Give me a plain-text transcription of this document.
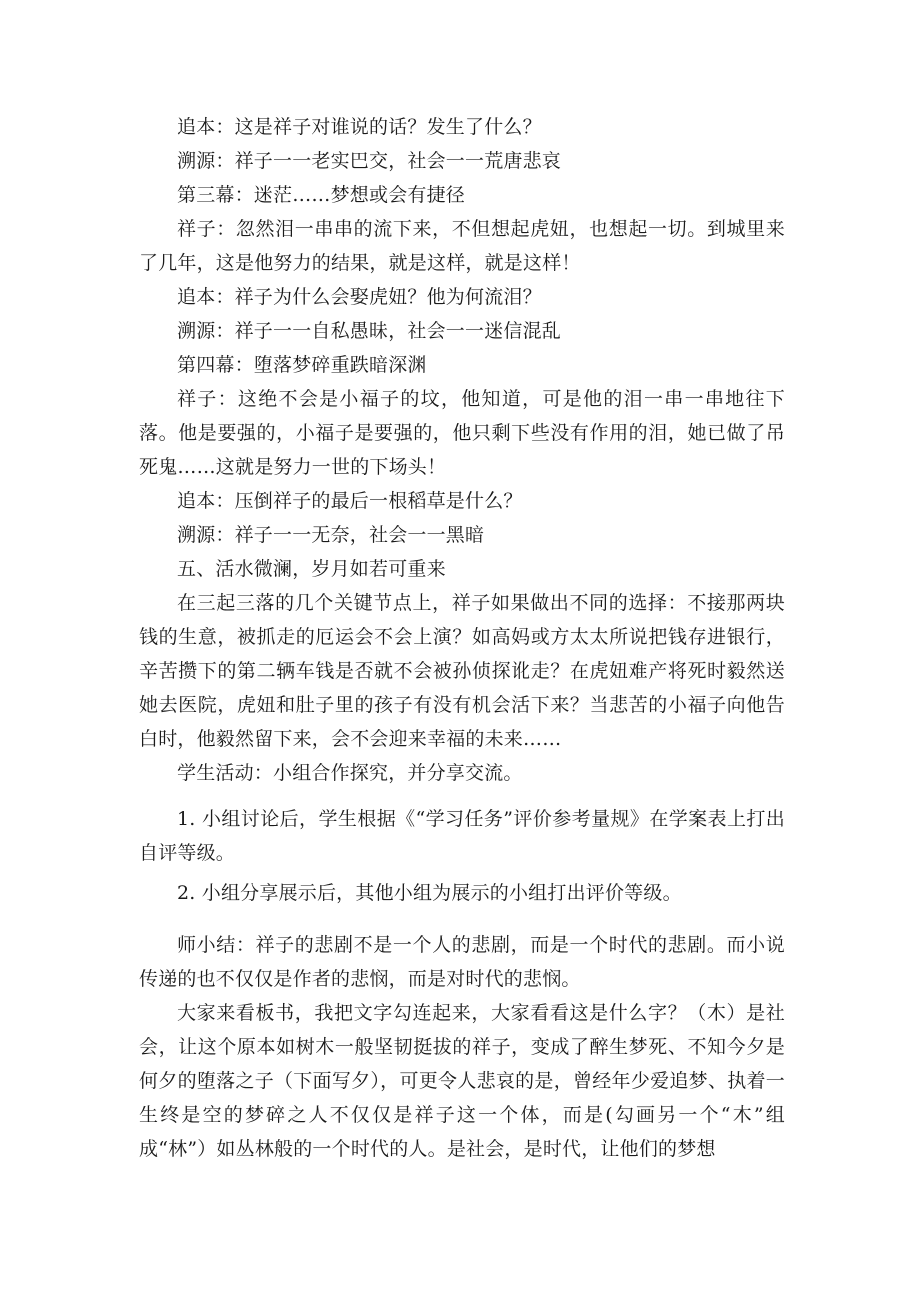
追本：这是祥子对谁说的话？发生了什么？

溯源：祥子一一老实巴交，社会一一荒唐悲哀

第三幕：迷茫……梦想或会有捷径

祥子：忽然泪一串串的流下来，不但想起虎妞，也想起一切。到城里来了几年，这是他努力的结果，就是这样，就是这样！

追本：祥子为什么会娶虎妞？他为何流泪？

溯源：祥子一一自私愚昧，社会一一迷信混乱

第四幕：堕落梦碎重跌暗深渊

祥子：这绝不会是小福子的坟，他知道，可是他的泪一串一串地往下落。他是要强的，小福子是要强的，他只剩下些没有作用的泪，她已做了吊死鬼……这就是努力一世的下场头！

追本：压倒祥子的最后一根稻草是什么？

溯源：祥子一一无奈，社会一一黑暗

五、活水微澜，岁月如若可重来

在三起三落的几个关键节点上，祥子如果做出不同的选择：不接那两块钱的生意，被抓走的厄运会不会上演？如高妈或方太太所说把钱存进银行，辛苦攒下的第二辆车钱是否就不会被孙侦探讹走？在虎妞难产将死时毅然送她去医院，虎妞和肚子里的孩子有没有机会活下来？当悲苦的小福子向他告白时，他毅然留下来，会不会迎来幸福的未来……

学生活动：小组合作探究，并分享交流。

1. 小组讨论后，学生根据《“学习任务”评价参考量规》在学案表上打出自评等级。

2. 小组分享展示后，其他小组为展示的小组打出评价等级。

师小结：祥子的悲剧不是一个人的悲剧，而是一个时代的悲剧。而小说传递的也不仅仅是作者的悲悯，而是对时代的悲悯。

大家来看板书，我把文字勾连起来，大家看看这是什么字？（木）是社会，让这个原本如树木一般坚韧挺拔的祥子，变成了醉生梦死、不知今夕是何夕的堕落之子（下面写夕），可更令人悲哀的是，曾经年少爱追梦、执着一生终是空的梦碎之人不仅仅是祥子这一个体，而是(勾画另一个“木”组成“林”）如丛林般的一个时代的人。是社会，是时代，让他们的梦想
